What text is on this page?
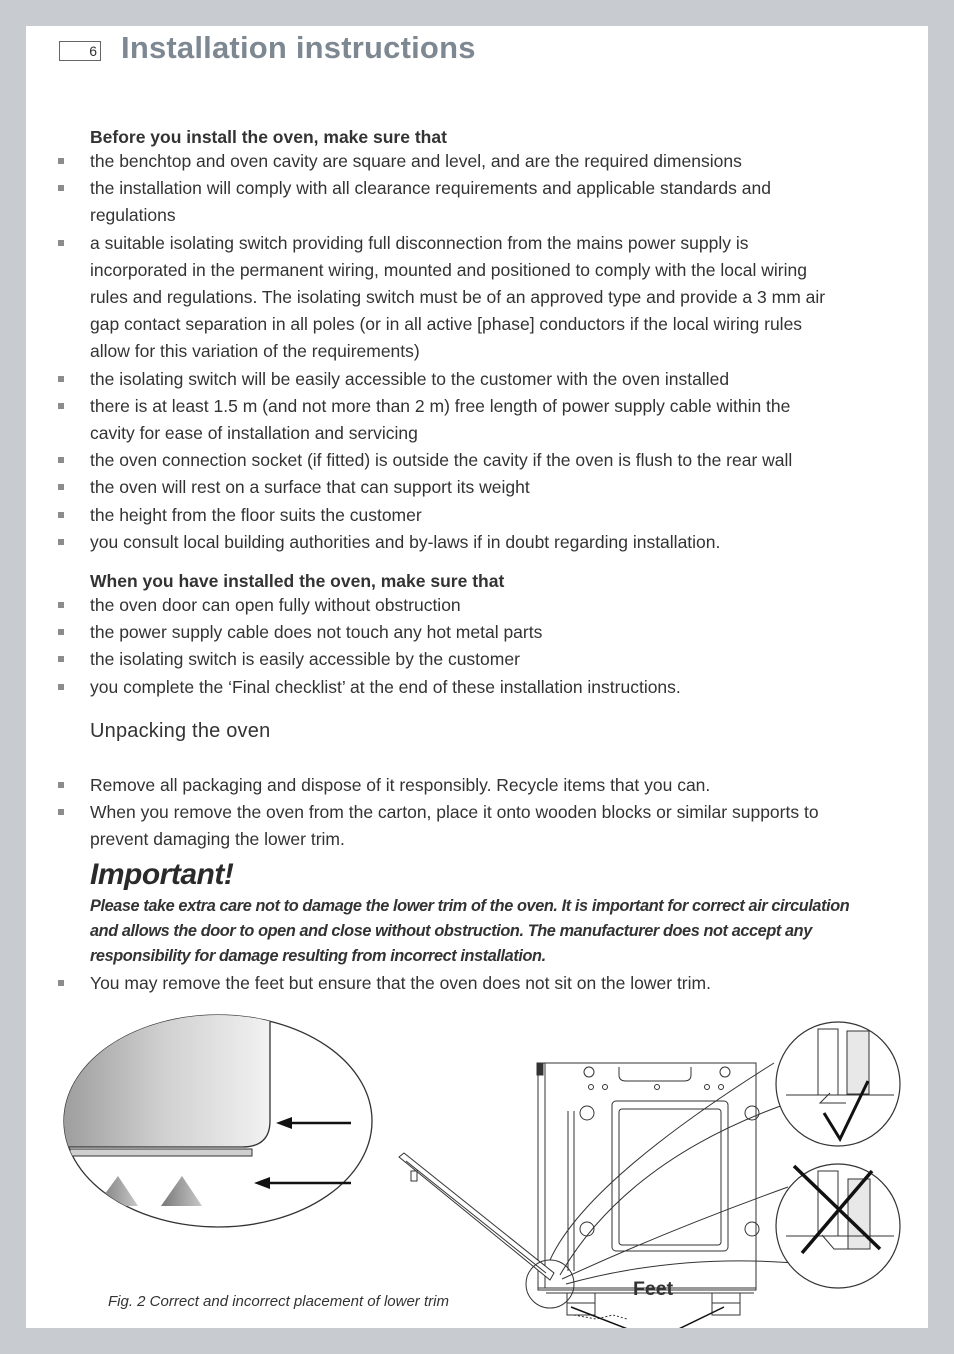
6 Installation instructions
Before you install the oven, make sure that
the benchtop and oven cavity are square and level, and are the required dimensions
the installation will comply with all clearance requirements and applicable standards and regulations
a suitable isolating switch providing full disconnection from the mains power supply is incorporated in the permanent wiring, mounted and positioned to comply with the local wiring rules and regulations. The isolating switch must be of an approved type and provide a 3 mm air gap contact separation in all poles (or in all active [phase] conductors if the local wiring rules allow for this variation of the requirements)
the isolating switch will be easily accessible to the customer with the oven installed
there is at least 1.5 m (and not more than 2 m) free length of power supply cable within the cavity for ease of installation and servicing
the oven connection socket (if fitted) is outside the cavity if the oven is flush to the rear wall
the oven will rest on a surface that can support its weight
the height from the floor suits the customer
you consult local building authorities and by-laws if in doubt regarding installation.
When you have installed the oven, make sure that
the oven door can open fully without obstruction
the power supply cable does not touch any hot metal parts
the isolating switch is easily accessible by the customer
you complete the ‘Final checklist’ at the end of these installation instructions.
Unpacking the oven
Remove all packaging and dispose of it responsibly. Recycle items that you can.
When you remove the oven from the carton, place it onto wooden blocks or similar supports to prevent damaging the lower trim.
Important!

Please take extra care not to damage the lower trim of the oven. It is important for correct air circulation and allows the door to open and close without obstruction. The manufacturer does not accept any responsibility for damage resulting from incorrect installation.

You may remove the feet but ensure that the oven does not sit on the lower trim.

Feet

Fig. 2 Correct and incorrect placement of lower trim
